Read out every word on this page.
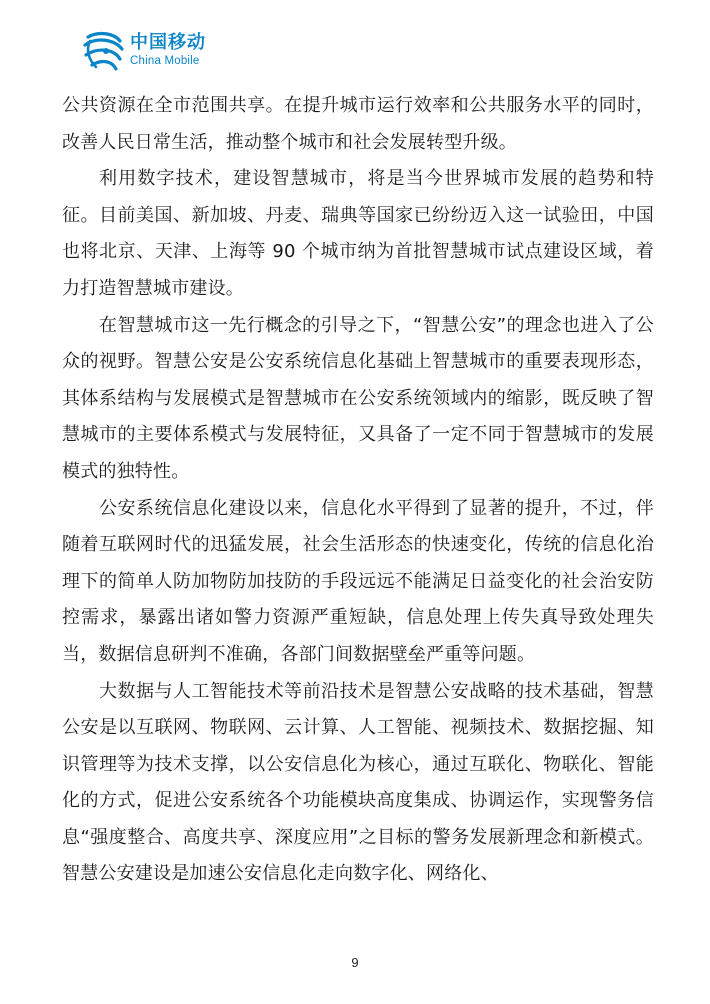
中国移动
China Mobile

公共资源在全市范围共享。在提升城市运行效率和公共服务水平的同时，改善人民日常生活，推动整个城市和社会发展转型升级。

利用数字技术，建设智慧城市，将是当今世界城市发展的趋势和特征。目前美国、新加坡、丹麦、瑞典等国家已纷纷迈入这一试验田，中国也将北京、天津、上海等 90 个城市纳为首批智慧城市试点建设区域，着力打造智慧城市建设。

在智慧城市这一先行概念的引导之下，“智慧公安”的理念也进入了公众的视野。智慧公安是公安系统信息化基础上智慧城市的重要表现形态，其体系结构与发展模式是智慧城市在公安系统领域内的缩影，既反映了智慧城市的主要体系模式与发展特征，又具备了一定不同于智慧城市的发展模式的独特性。

公安系统信息化建设以来，信息化水平得到了显著的提升，不过，伴随着互联网时代的迅猛发展，社会生活形态的快速变化，传统的信息化治理下的简单人防加物防加技防的手段远远不能满足日益变化的社会治安防控需求，暴露出诸如警力资源严重短缺，信息处理上传失真导致处理失当，数据信息研判不准确，各部门间数据壁垒严重等问题。

大数据与人工智能技术等前沿技术是智慧公安战略的技术基础，智慧公安是以互联网、物联网、云计算、人工智能、视频技术、数据挖掘、知识管理等为技术支撑，以公安信息化为核心，通过互联化、物联化、智能化的方式，促进公安系统各个功能模块高度集成、协调运作，实现警务信息“强度整合、高度共享、深度应用”之目标的警务发展新理念和新模式。智慧公安建设是加速公安信息化走向数字化、网络化、

9
